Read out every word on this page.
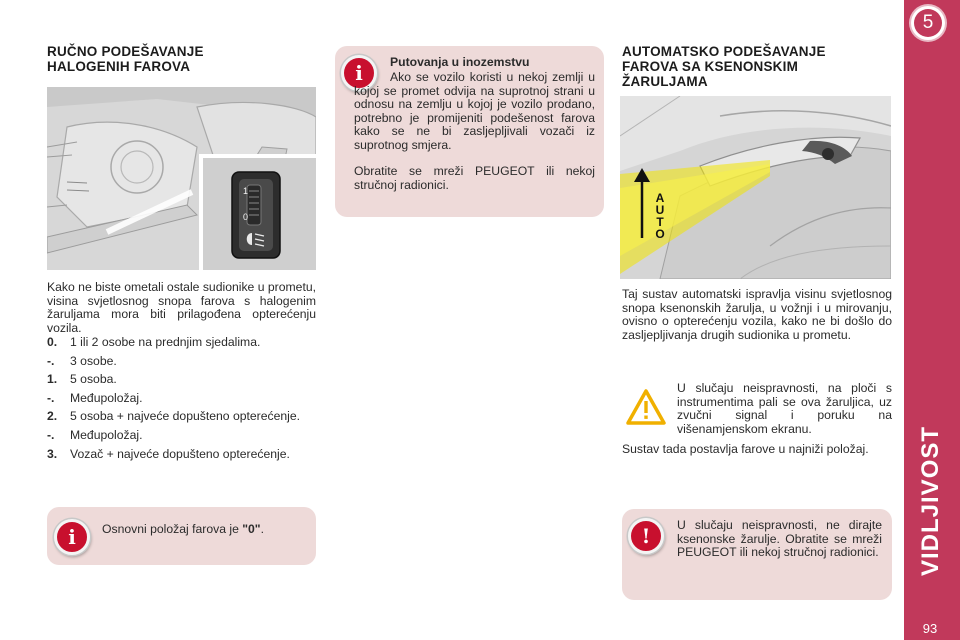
RUČNO PODEŠAVANJE
HALOGENIH FAROVA
1
0

Kako ne biste ometali ostale sudionike u prometu, visina svjetlosnog snopa farova s halogenim žaruljama mora biti prilagođena opterećenju vozila.

0. 1 ili 2 osobe na prednjim sjedalima.
-. 3 osobe.
1. 5 osoba.
-. Međupoložaj.
2. 5 osoba + najveće dopušteno opterećenje.
-. Međupoložaj.
3. Vozač + najveće dopušteno opterećenje.
i	Osnovni položaj farova je "0".

i	Putovanja u inozemstvu

Ako se vozilo koristi u nekoj zemlji u kojoj se promet odvija na suprotnoj strani u odnosu na zemlju u kojoj je vozilo prodano, potrebno je promijeniti podešenost farova kako se ne bi zasljepljivali vozači iz suprotnog smjera.

Obratite se mreži PEUGEOT ili nekoj stručnoj radionici.

AUTOMATSKO PODEŠAVANJE
FAROVA SA KSENONSKIM
ŽARULJAMA
AUTO

Taj sustav automatski ispravlja visinu svjetlosnog snopa ksenonskih žarulja, u vožnji i u mirovanju, ovisno o opterećenju vozila, kako ne bi došlo do zasljepljivanja drugih sudionika u prometu.

U slučaju neispravnosti, na ploči s instrumentima pali se ova žaruljica, uz zvučni signal i poruku na višenamjenskom ekranu.

Sustav tada postavlja farove u najniži položaj.

!	U slučaju neispravnosti, ne dirajte ksenonske žarulje. Obratite se mreži PEUGEOT ili nekoj stručnoj radionici.

5
VIDLJIVOST
93
